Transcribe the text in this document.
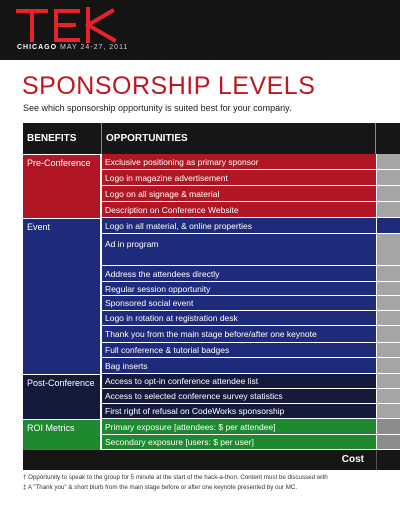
CHICAGO MAY 24-27, 2011
SPONSORSHIP LEVELS
See which sponsorship opportunity is suited best for your company.
BENEFITS	OPPORTUNITIES
Pre-Conference
Event
Post-Conference
ROI Metrics
Exclusive positioning as primary sponsor
Logo in magazine advertisement
Logo on all signage & material
Description on Conference Website
Logo in all material, & online properties
Ad in program
Address the attendees directly
Regular session opportunity
Sponsored social event
Logo in rotation at registration desk
Thank you from the main stage before/after one keynote
Full conference & tutorial badges
Bag inserts
Access to opt-in conference attendee list
Access to selected conference survey statistics
First right of refusal on CodeWorks sponsorship
Primary exposure [attendees: $ per attendee]
Secondary exposure [users: $ per user]
Cost
† Opportunity to speak to the group for 5 minute at the start of the hack-a-thon. Content must be discussed with
‡ A "Thank you" & short blurb from the main stage before or after one keynote presented by our MC.
